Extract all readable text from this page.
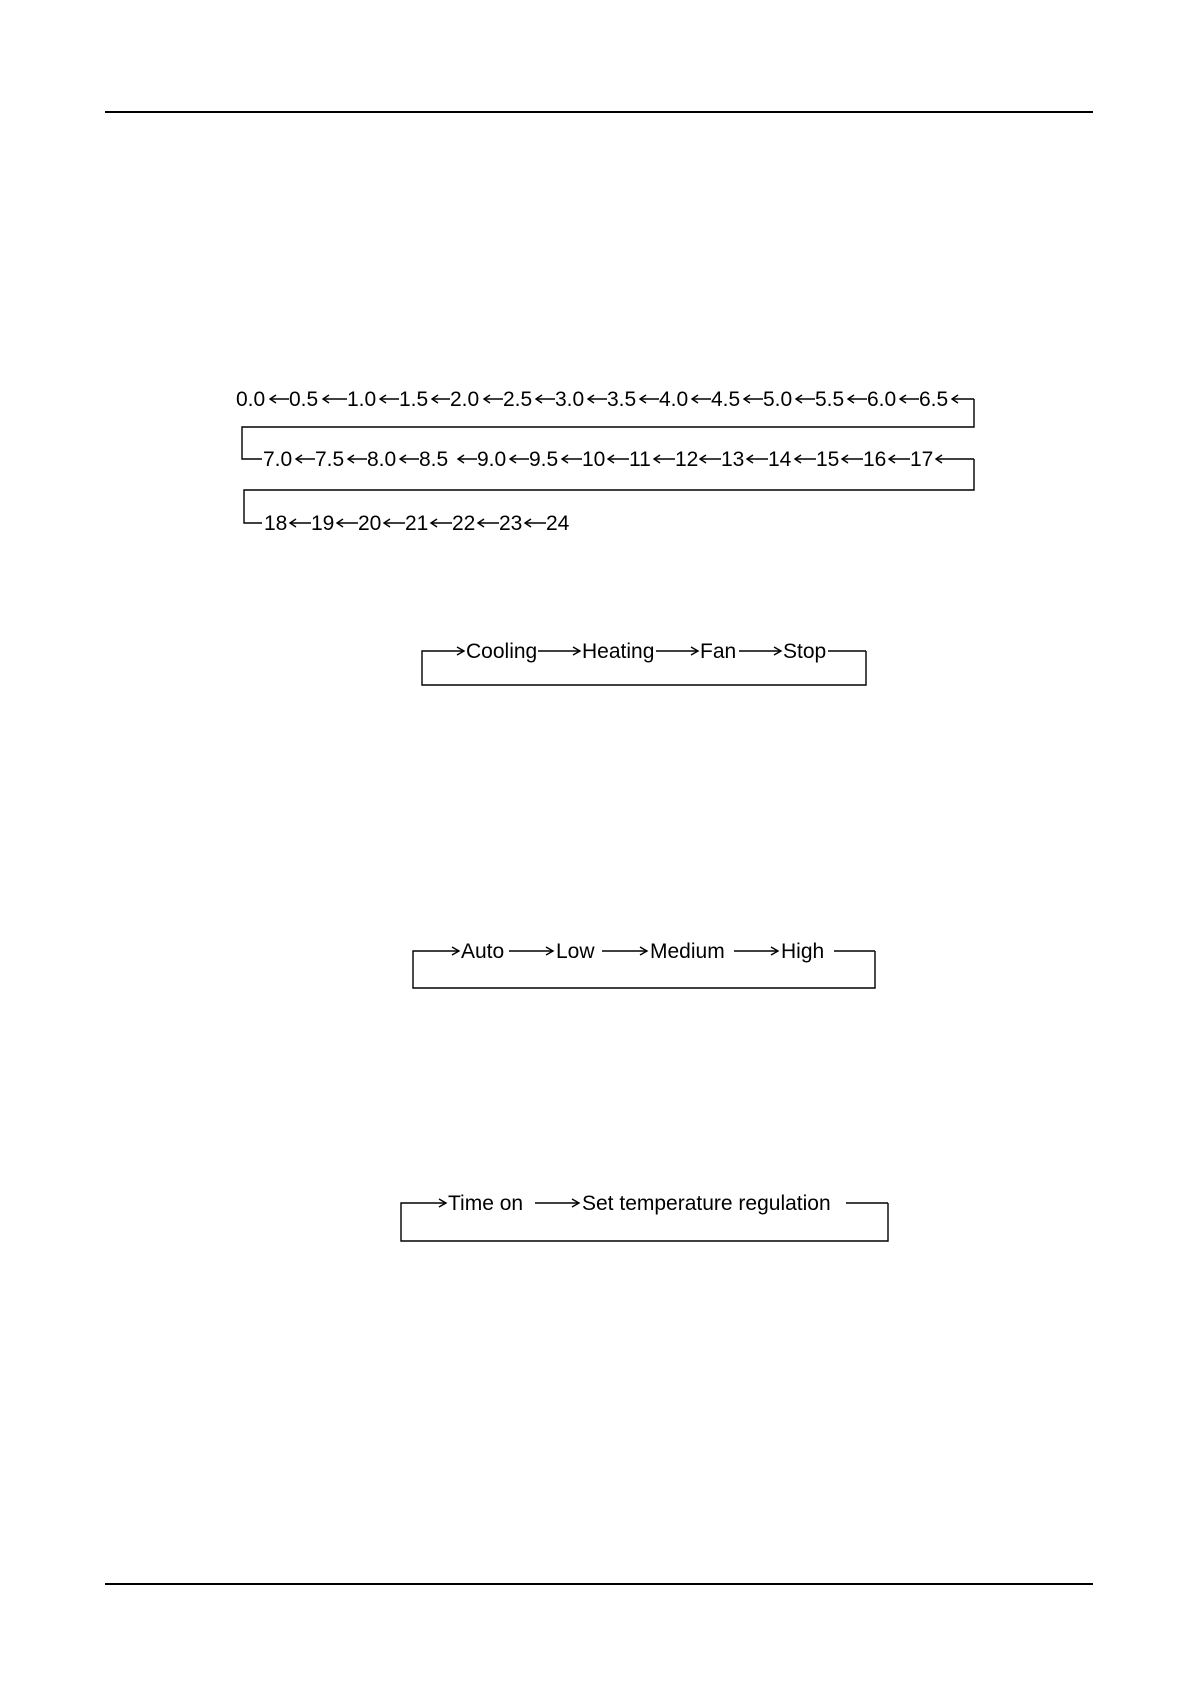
0.0 0.5 1.0 1.5 2.0 2.5 3.0 3.5 4.0 4.5 5.0 5.5 6.0 6.5
7.0 7.5 8.0 8.5 9.0 9.5 10 11 12 13 14 15 16 17
18 19 20 21 22 23 24
Cooling Heating Fan Stop
Auto Low	Medium	High
Time on	Set temperature regulation
